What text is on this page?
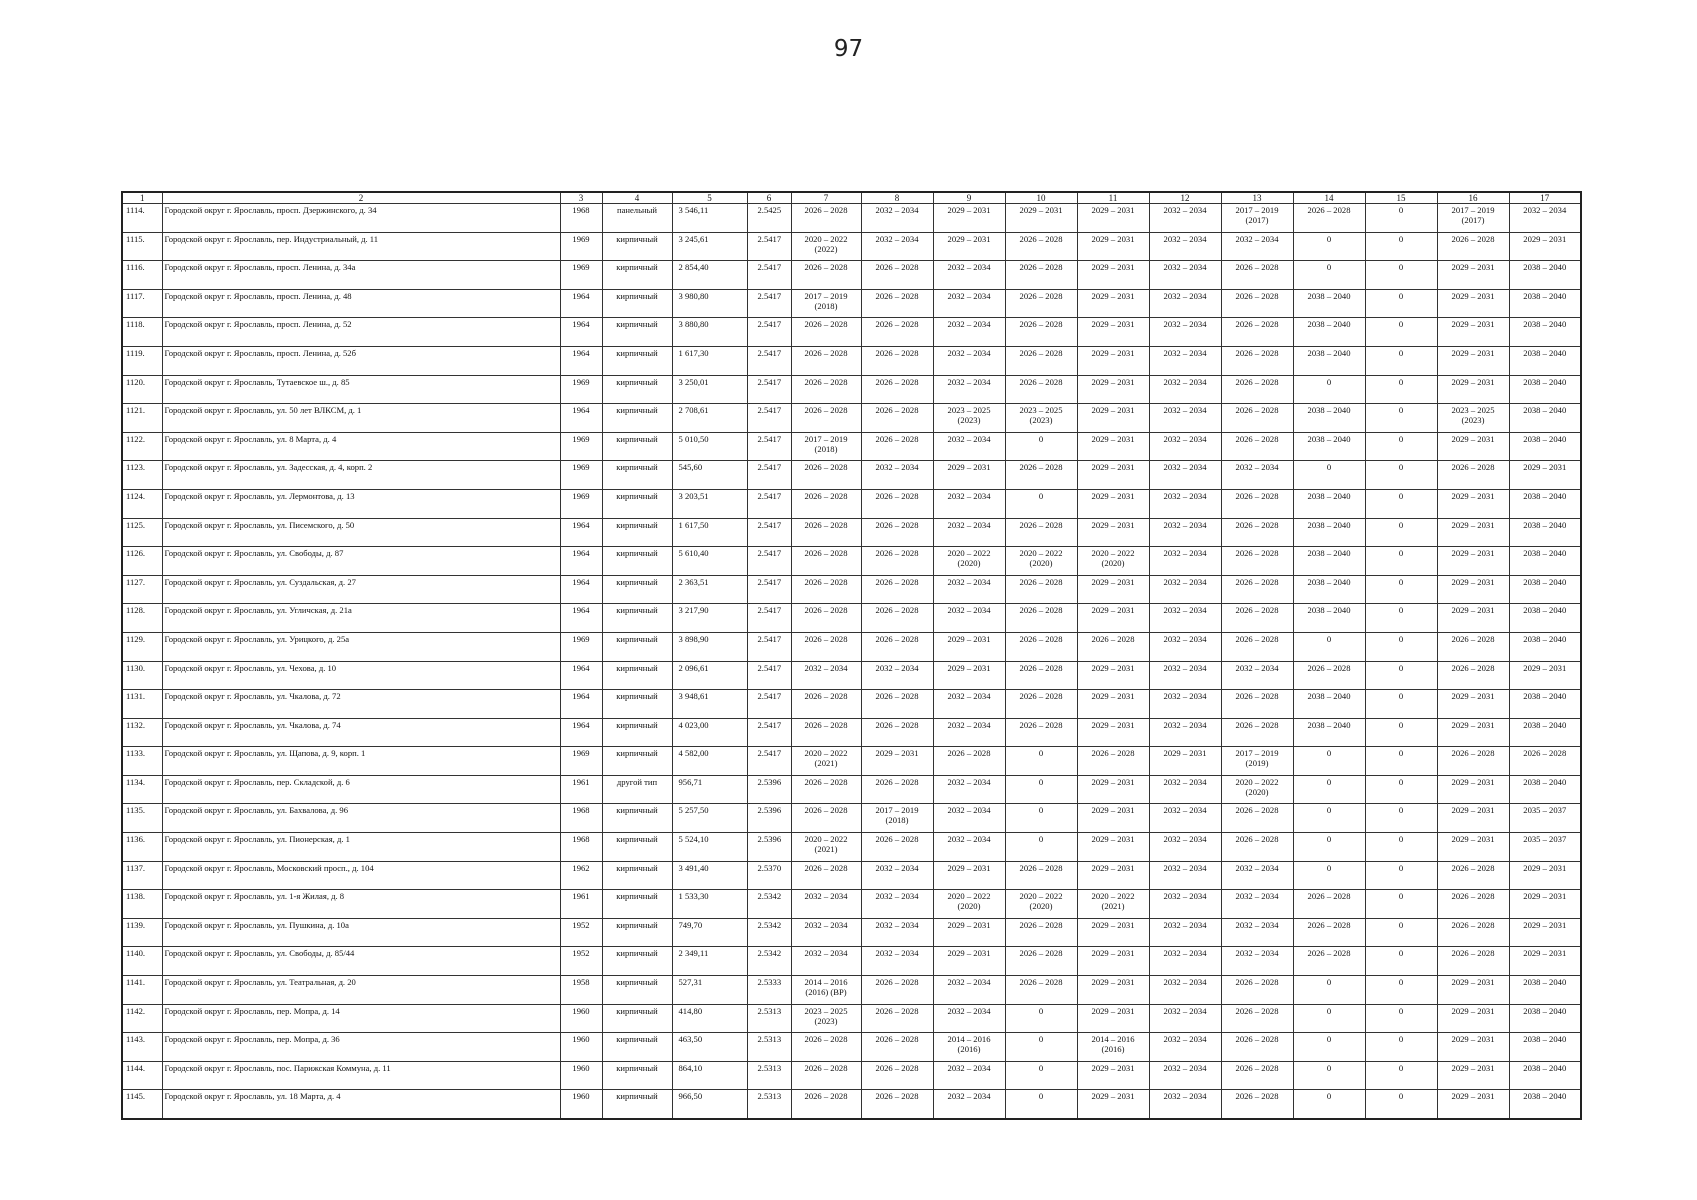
97
1	2	3	4	5	6	7	8	9	10	11	12	13	14	15	16	17
1114.	Городской округ г. Ярославль, просп. Дзержинского, д. 34	1968	панельный	3 546,11	2.5425	2026 – 2028	2032 – 2034	2029 – 2031	2029 – 2031	2029 – 2031	2032 – 2034	2017 – 2019 (2017)	2026 – 2028	0	2017 – 2019 (2017)	2032 – 2034
1115.	Городской округ г. Ярославль, пер. Индустриальный, д. 11	1969	кирпичный	3 245,61	2.5417	2020 – 2022 (2022)	2032 – 2034	2029 – 2031	2026 – 2028	2029 – 2031	2032 – 2034	2032 – 2034	0	0	2026 – 2028	2029 – 2031
1116.	Городской округ г. Ярославль, просп. Ленина, д. 34а	1969	кирпичный	2 854,40	2.5417	2026 – 2028	2026 – 2028	2032 – 2034	2026 – 2028	2029 – 2031	2032 – 2034	2026 – 2028	0	0	2029 – 2031	2038 – 2040
1117.	Городской округ г. Ярославль, просп. Ленина, д. 48	1964	кирпичный	3 980,80	2.5417	2017 – 2019 (2018)	2026 – 2028	2032 – 2034	2026 – 2028	2029 – 2031	2032 – 2034	2026 – 2028	2038 – 2040	0	2029 – 2031	2038 – 2040
1118.	Городской округ г. Ярославль, просп. Ленина, д. 52	1964	кирпичный	3 880,80	2.5417	2026 – 2028	2026 – 2028	2032 – 2034	2026 – 2028	2029 – 2031	2032 – 2034	2026 – 2028	2038 – 2040	0	2029 – 2031	2038 – 2040
1119.	Городской округ г. Ярославль, просп. Ленина, д. 52б	1964	кирпичный	1 617,30	2.5417	2026 – 2028	2026 – 2028	2032 – 2034	2026 – 2028	2029 – 2031	2032 – 2034	2026 – 2028	2038 – 2040	0	2029 – 2031	2038 – 2040
1120.	Городской округ г. Ярославль, Тутаевское ш., д. 85	1969	кирпичный	3 250,01	2.5417	2026 – 2028	2026 – 2028	2032 – 2034	2026 – 2028	2029 – 2031	2032 – 2034	2026 – 2028	0	0	2029 – 2031	2038 – 2040
1121.	Городской округ г. Ярославль, ул. 50 лет ВЛКСМ, д. 1	1964	кирпичный	2 708,61	2.5417	2026 – 2028	2026 – 2028	2023 – 2025 (2023)	2023 – 2025 (2023)	2029 – 2031	2032 – 2034	2026 – 2028	2038 – 2040	0	2023 – 2025 (2023)	2038 – 2040
1122.	Городской округ г. Ярославль, ул. 8 Марта, д. 4	1969	кирпичный	5 010,50	2.5417	2017 – 2019 (2018)	2026 – 2028	2032 – 2034	0	2029 – 2031	2032 – 2034	2026 – 2028	2038 – 2040	0	2029 – 2031	2038 – 2040
1123.	Городской округ г. Ярославль, ул. Задесская, д. 4, корп. 2	1969	кирпичный	545,60	2.5417	2026 – 2028	2032 – 2034	2029 – 2031	2026 – 2028	2029 – 2031	2032 – 2034	2032 – 2034	0	0	2026 – 2028	2029 – 2031
1124.	Городской округ г. Ярославль, ул. Лермонтова, д. 13	1969	кирпичный	3 203,51	2.5417	2026 – 2028	2026 – 2028	2032 – 2034	0	2029 – 2031	2032 – 2034	2026 – 2028	2038 – 2040	0	2029 – 2031	2038 – 2040
1125.	Городской округ г. Ярославль, ул. Писемского, д. 50	1964	кирпичный	1 617,50	2.5417	2026 – 2028	2026 – 2028	2032 – 2034	2026 – 2028	2029 – 2031	2032 – 2034	2026 – 2028	2038 – 2040	0	2029 – 2031	2038 – 2040
1126.	Городской округ г. Ярославль, ул. Свободы, д. 87	1964	кирпичный	5 610,40	2.5417	2026 – 2028	2026 – 2028	2020 – 2022 (2020)	2020 – 2022 (2020)	2020 – 2022 (2020)	2032 – 2034	2026 – 2028	2038 – 2040	0	2029 – 2031	2038 – 2040
1127.	Городской округ г. Ярославль, ул. Суздальская, д. 27	1964	кирпичный	2 363,51	2.5417	2026 – 2028	2026 – 2028	2032 – 2034	2026 – 2028	2029 – 2031	2032 – 2034	2026 – 2028	2038 – 2040	0	2029 – 2031	2038 – 2040
1128.	Городской округ г. Ярославль, ул. Угличская, д. 21а	1964	кирпичный	3 217,90	2.5417	2026 – 2028	2026 – 2028	2032 – 2034	2026 – 2028	2029 – 2031	2032 – 2034	2026 – 2028	2038 – 2040	0	2029 – 2031	2038 – 2040
1129.	Городской округ г. Ярославль, ул. Урицкого, д. 25а	1969	кирпичный	3 898,90	2.5417	2026 – 2028	2026 – 2028	2029 – 2031	2026 – 2028	2026 – 2028	2032 – 2034	2026 – 2028	0	0	2026 – 2028	2038 – 2040
1130.	Городской округ г. Ярославль, ул. Чехова, д. 10	1964	кирпичный	2 096,61	2.5417	2032 – 2034	2032 – 2034	2029 – 2031	2026 – 2028	2029 – 2031	2032 – 2034	2032 – 2034	2026 – 2028	0	2026 – 2028	2029 – 2031
1131.	Городской округ г. Ярославль, ул. Чкалова, д. 72	1964	кирпичный	3 948,61	2.5417	2026 – 2028	2026 – 2028	2032 – 2034	2026 – 2028	2029 – 2031	2032 – 2034	2026 – 2028	2038 – 2040	0	2029 – 2031	2038 – 2040
1132.	Городской округ г. Ярославль, ул. Чкалова, д. 74	1964	кирпичный	4 023,00	2.5417	2026 – 2028	2026 – 2028	2032 – 2034	2026 – 2028	2029 – 2031	2032 – 2034	2026 – 2028	2038 – 2040	0	2029 – 2031	2038 – 2040
1133.	Городской округ г. Ярославль, ул. Щапова, д. 9, корп. 1	1969	кирпичный	4 582,00	2.5417	2020 – 2022 (2021)	2029 – 2031	2026 – 2028	0	2026 – 2028	2029 – 2031	2017 – 2019 (2019)	0	0	2026 – 2028	2026 – 2028
1134.	Городской округ г. Ярославль, пер. Складской, д. 6	1961	другой тип	956,71	2.5396	2026 – 2028	2026 – 2028	2032 – 2034	0	2029 – 2031	2032 – 2034	2020 – 2022 (2020)	0	0	2029 – 2031	2038 – 2040
1135.	Городской округ г. Ярославль, ул. Бахвалова, д. 96	1968	кирпичный	5 257,50	2.5396	2026 – 2028	2017 – 2019 (2018)	2032 – 2034	0	2029 – 2031	2032 – 2034	2026 – 2028	0	0	2029 – 2031	2035 – 2037
1136.	Городской округ г. Ярославль, ул. Пионерская, д. 1	1968	кирпичный	5 524,10	2.5396	2020 – 2022 (2021)	2026 – 2028	2032 – 2034	0	2029 – 2031	2032 – 2034	2026 – 2028	0	0	2029 – 2031	2035 – 2037
1137.	Городской округ г. Ярославль, Московский просп., д. 104	1962	кирпичный	3 491,40	2.5370	2026 – 2028	2032 – 2034	2029 – 2031	2026 – 2028	2029 – 2031	2032 – 2034	2032 – 2034	0	0	2026 – 2028	2029 – 2031
1138.	Городской округ г. Ярославль, ул. 1-я Жилая, д. 8	1961	кирпичный	1 533,30	2.5342	2032 – 2034	2032 – 2034	2020 – 2022 (2020)	2020 – 2022 (2020)	2020 – 2022 (2021)	2032 – 2034	2032 – 2034	2026 – 2028	0	2026 – 2028	2029 – 2031
1139.	Городской округ г. Ярославль, ул. Пушкина, д. 10а	1952	кирпичный	749,70	2.5342	2032 – 2034	2032 – 2034	2029 – 2031	2026 – 2028	2029 – 2031	2032 – 2034	2032 – 2034	2026 – 2028	0	2026 – 2028	2029 – 2031
1140.	Городской округ г. Ярославль, ул. Свободы, д. 85/44	1952	кирпичный	2 349,11	2.5342	2032 – 2034	2032 – 2034	2029 – 2031	2026 – 2028	2029 – 2031	2032 – 2034	2032 – 2034	2026 – 2028	0	2026 – 2028	2029 – 2031
1141.	Городской округ г. Ярославль, ул. Театральная, д. 20	1958	кирпичный	527,31	2.5333	2014 – 2016 (2016) (ВР)	2026 – 2028	2032 – 2034	2026 – 2028	2029 – 2031	2032 – 2034	2026 – 2028	0	0	2029 – 2031	2038 – 2040
1142.	Городской округ г. Ярославль, пер. Мопра, д. 14	1960	кирпичный	414,80	2.5313	2023 – 2025 (2023)	2026 – 2028	2032 – 2034	0	2029 – 2031	2032 – 2034	2026 – 2028	0	0	2029 – 2031	2038 – 2040
1143.	Городской округ г. Ярославль, пер. Мопра, д. 36	1960	кирпичный	463,50	2.5313	2026 – 2028	2026 – 2028	2014 – 2016 (2016)	0	2014 – 2016 (2016)	2032 – 2034	2026 – 2028	0	0	2029 – 2031	2038 – 2040
1144.	Городской округ г. Ярославль, пос. Парижская Коммуна, д. 11	1960	кирпичный	864,10	2.5313	2026 – 2028	2026 – 2028	2032 – 2034	0	2029 – 2031	2032 – 2034	2026 – 2028	0	0	2029 – 2031	2038 – 2040
1145.	Городской округ г. Ярославль, ул. 18 Марта, д. 4	1960	кирпичный	966,50	2.5313	2026 – 2028	2026 – 2028	2032 – 2034	0	2029 – 2031	2032 – 2034	2026 – 2028	0	0	2029 – 2031	2038 – 2040
